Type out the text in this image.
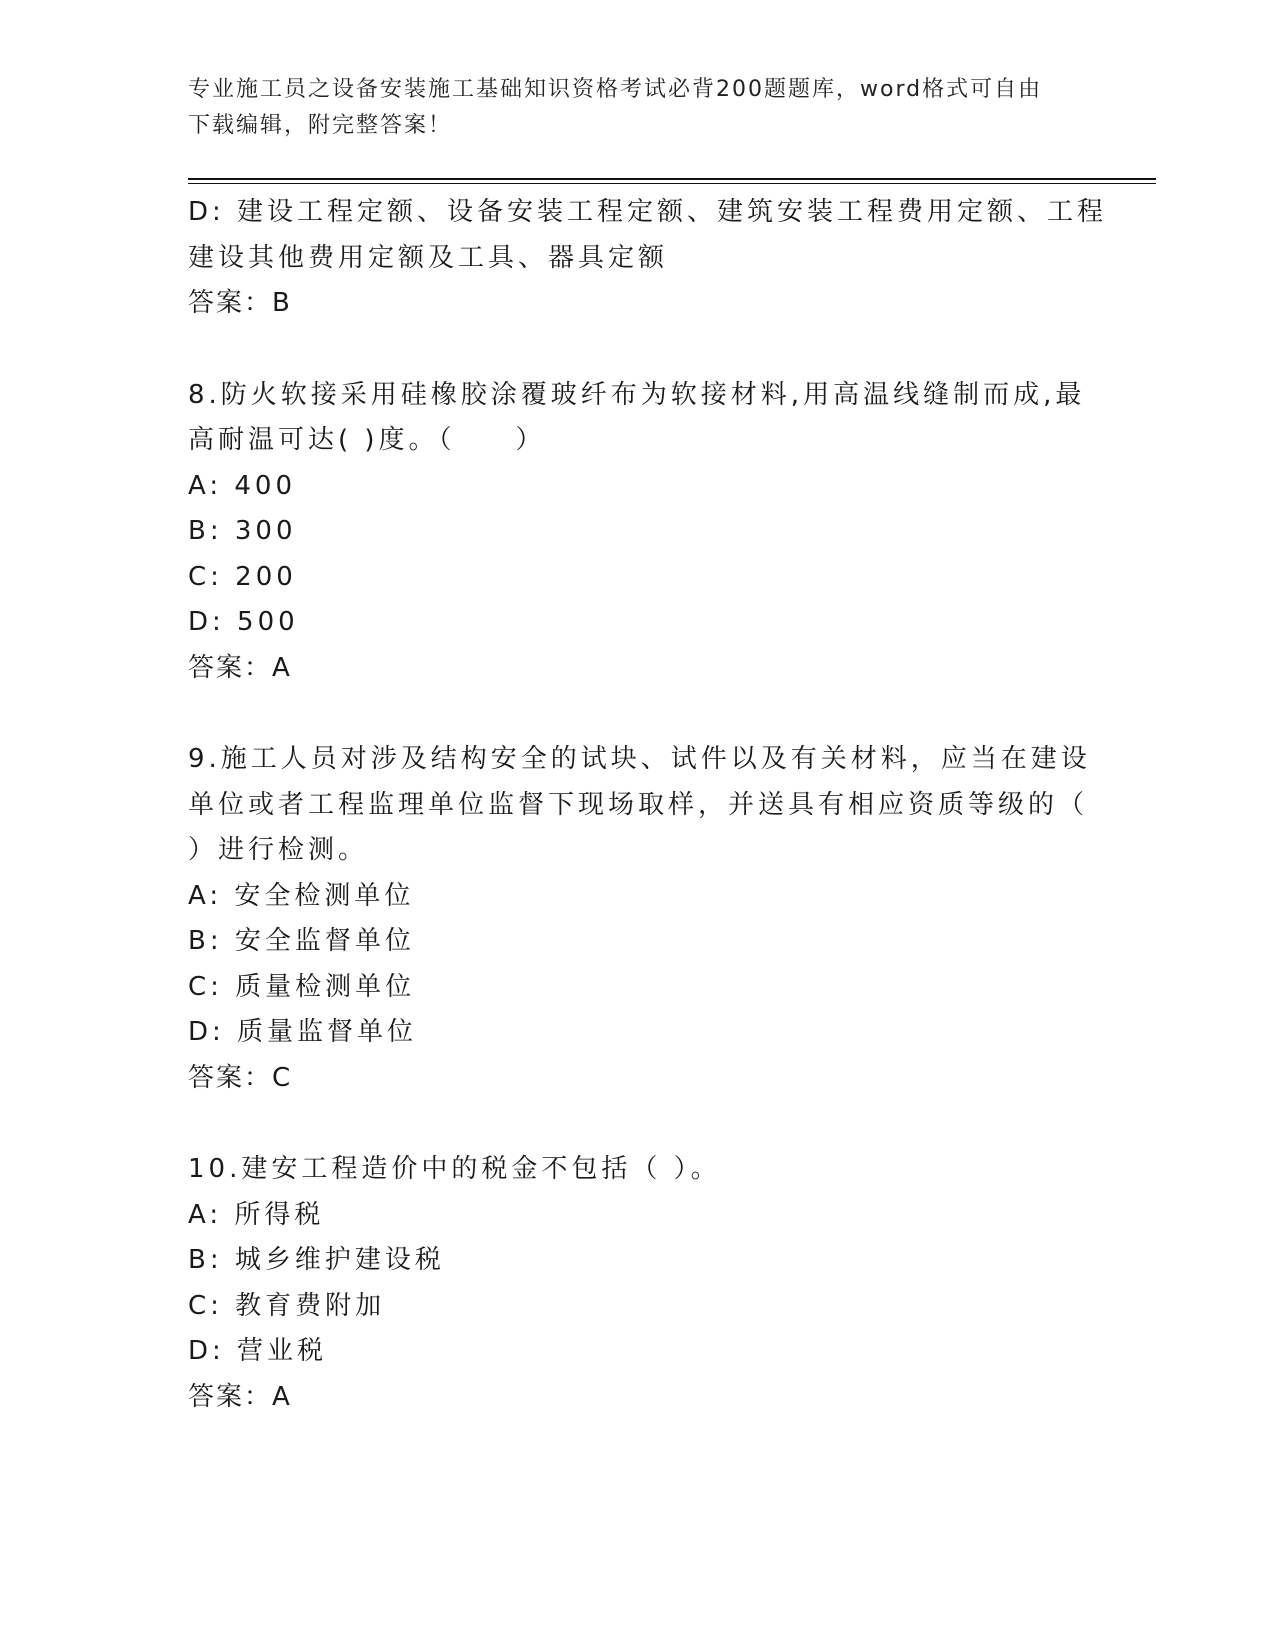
专业施工员之设备安装施工基础知识资格考试必背200题题库，word格式可自由
下载编辑，附完整答案！
D: 建设工程定额、设备安装工程定额、建筑安装工程费用定额、工程
建设其他费用定额及工具、器具定额
答案：B
8.防火软接采用硅橡胶涂覆玻纤布为软接材料,用高温线缝制而成,最
高耐温可达( )度。（　　）
A: 400
B: 300
C: 200
D: 500
答案：A
9.施工人员对涉及结构安全的试块、试件以及有关材料，应当在建设
单位或者工程监理单位监督下现场取样，并送具有相应资质等级的（
）进行检测。
A: 安全检测单位
B: 安全监督单位
C: 质量检测单位
D: 质量监督单位
答案：C
10.建安工程造价中的税金不包括（ ）。
A: 所得税
B: 城乡维护建设税
C: 教育费附加
D: 营业税
答案：A
